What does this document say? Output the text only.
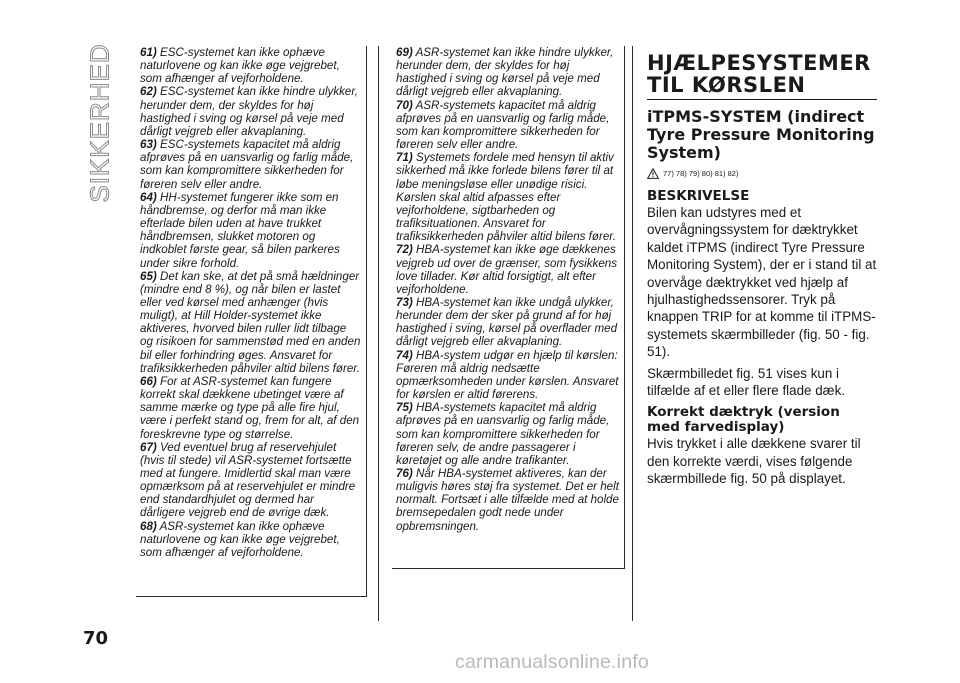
SIKKERHED 61) ESC-systemet kan ikke ophæve naturlovene og kan ikke øge vejgrebet, som afhænger af vejforholdene.

62) ESC-systemet kan ikke hindre ulykker, herunder dem, der skyldes for høj hastighed i sving og kørsel på veje med dårligt vejgreb eller akvaplaning.

63) ESC-systemets kapacitet må aldrig afprøves på en uansvarlig og farlig måde, som kan kompromittere sikkerheden for føreren selv eller andre.

64) HH-systemet fungerer ikke som en håndbremse, og derfor må man ikke efterlade bilen uden at have trukket håndbremsen, slukket motoren og indkoblet første gear, så bilen parkeres under sikre forhold.

65) Det kan ske, at det på små hældninger (mindre end 8 %), og når bilen er lastet eller ved kørsel med anhænger (hvis muligt), at Hill Holder-systemet ikke aktiveres, hvorved bilen ruller lidt tilbage og risikoen for sammenstød med en anden bil eller forhindring øges. Ansvaret for trafiksikkerheden påhviler altid bilens fører.

66) For at ASR-systemet kan fungere korrekt skal dækkene ubetinget være af samme mærke og type på alle fire hjul, være i perfekt stand og, frem for alt, af den foreskrevne type og størrelse.

67) Ved eventuel brug af reservehjulet (hvis til stede) vil ASR-systemet fortsætte med at fungere. Imidlertid skal man være opmærksom på at reservehjulet er mindre end standardhjulet og dermed har dårligere vejgreb end de øvrige dæk.

68) ASR-systemet kan ikke ophæve naturlovene og kan ikke øge vejgrebet, som afhænger af vejforholdene.

69) ASR-systemet kan ikke hindre ulykker, herunder dem, der skyldes for høj hastighed i sving og kørsel på veje med dårligt vejgreb eller akvaplaning.

70) ASR-systemets kapacitet må aldrig afprøves på en uansvarlig og farlig måde, som kan kompromittere sikkerheden for føreren selv eller andre.

71) Systemets fordele med hensyn til aktiv sikkerhed må ikke forlede bilens fører til at løbe meningsløse eller unødige risici. Kørslen skal altid afpasses efter vejforholdene, sigtbarheden og trafiksituationen. Ansvaret for trafiksikkerheden påhviler altid bilens fører.

72) HBA-systemet kan ikke øge dækkenes vejgreb ud over de grænser, som fysikkens love tillader. Kør altid forsigtigt, alt efter vejforholdene.

73) HBA-systemet kan ikke undgå ulykker, herunder dem der sker på grund af for høj hastighed i sving, kørsel på overflader med dårligt vejgreb eller akvaplaning.

74) HBA-system udgør en hjælp til kørslen: Føreren må aldrig nedsætte opmærksomheden under kørslen. Ansvaret for kørslen er altid førerens.

75) HBA-systemets kapacitet må aldrig afprøves på en uansvarlig og farlig måde, som kan kompromittere sikkerheden for føreren selv, de andre passagerer i køretøjet og alle andre trafikanter.

76) Når HBA-systemet aktiveres, kan der muligvis høres støj fra systemet. Det er helt normalt. Fortsæt i alle tilfælde med at holde bremsepedalen godt nede under opbremsningen.

HJÆLPESYSTEMER TIL KØRSLEN
iTPMS-SYSTEM (indirect Tyre Pressure Monitoring System)
77) 78) 79) 80) 81) 82)
BESKRIVELSE

Bilen kan udstyres med et overvågningssystem for dæktrykket kaldet iTPMS (indirect Tyre Pressure Monitoring System), der er i stand til at overvåge dæktrykket ved hjælp af hjulhastighedssensorer. Tryk på knappen TRIP for at komme til iTPMS-systemets skærmbilleder (fig. 50 - fig. 51).

Skærmbilledet fig. 51 vises kun i tilfælde af et eller flere flade dæk.

Korrekt dæktryk (version med farvedisplay)

Hvis trykket i alle dækkene svarer til den korrekte værdi, vises følgende skærmbillede fig. 50 på displayet.

70
carmanualsonline.info
